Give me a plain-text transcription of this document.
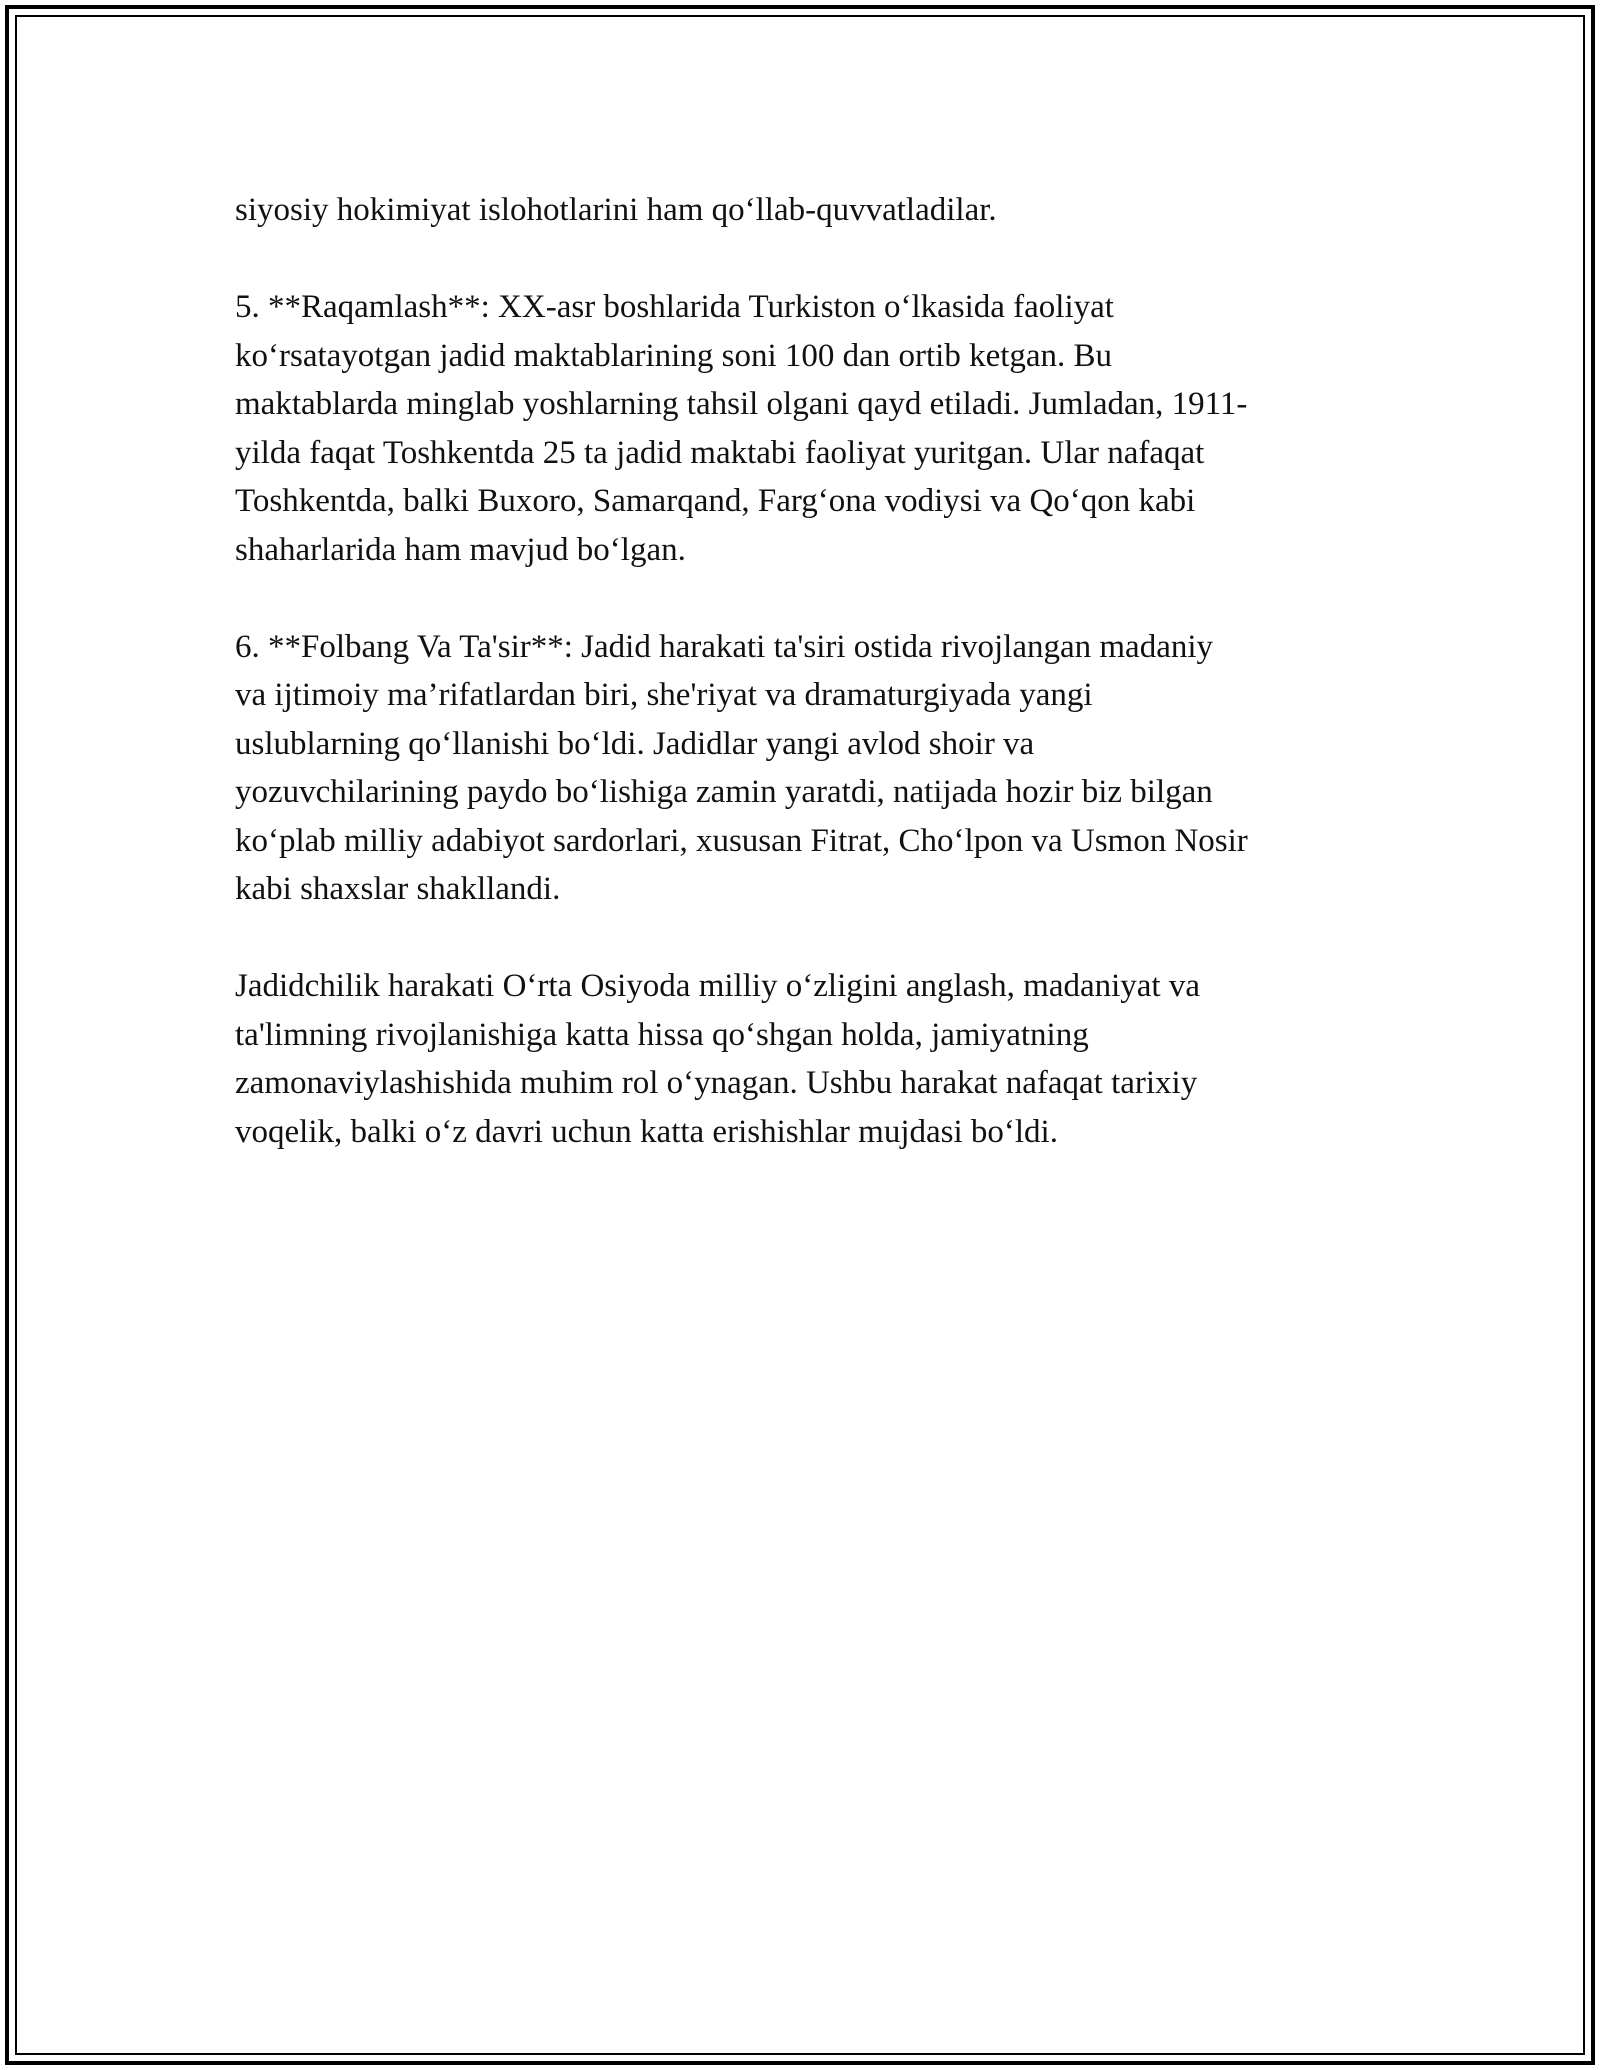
siyosiy hokimiyat islohotlarini ham qo‘llab-quvvatladilar.
5. **Raqamlash**: XX-asr boshlarida Turkiston o‘lkasida faoliyat
ko‘rsatayotgan jadid maktablarining soni 100 dan ortib ketgan. Bu
maktablarda minglab yoshlarning tahsil olgani qayd etiladi. Jumladan, 1911-
yilda faqat Toshkentda 25 ta jadid maktabi faoliyat yuritgan. Ular nafaqat
Toshkentda, balki Buxoro, Samarqand, Farg‘ona vodiysi va Qo‘qon kabi
shaharlarida ham mavjud bo‘lgan.
6. **Folbang Va Ta'sir**: Jadid harakati ta'siri ostida rivojlangan madaniy
va ijtimoiy ma’rifatlardan biri, she'riyat va dramaturgiyada yangi
uslublarning qo‘llanishi bo‘ldi. Jadidlar yangi avlod shoir va
yozuvchilarining paydo bo‘lishiga zamin yaratdi, natijada hozir biz bilgan
ko‘plab milliy adabiyot sardorlari, xususan Fitrat, Cho‘lpon va Usmon Nosir
kabi shaxslar shakllandi.
Jadidchilik harakati O‘rta Osiyoda milliy o‘zligini anglash, madaniyat va
ta'limning rivojlanishiga katta hissa qo‘shgan holda, jamiyatning
zamonaviylashishida muhim rol o‘ynagan. Ushbu harakat nafaqat tarixiy
voqelik, balki o‘z davri uchun katta erishishlar mujdasi bo‘ldi.
